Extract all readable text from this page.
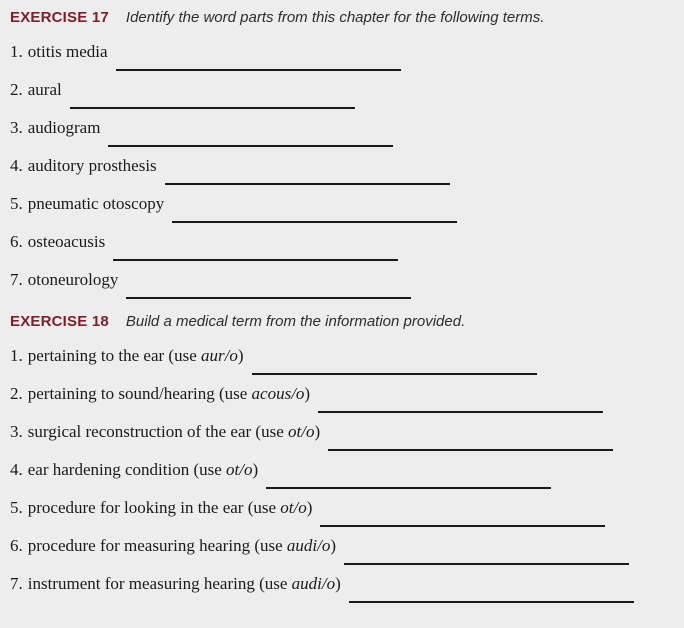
EXERCISE 17 Identify the word parts from this chapter for the following terms.
1. otitis media
2. aural
3. audiogram
4. auditory prosthesis
5. pneumatic otoscopy
6. osteoacusis
7. otoneurology
EXERCISE 18 Build a medical term from the information provided.
1. pertaining to the ear (use aur/o)
2. pertaining to sound/hearing (use acous/o)
3. surgical reconstruction of the ear (use ot/o)
4. ear hardening condition (use ot/o)
5. procedure for looking in the ear (use ot/o)
6. procedure for measuring hearing (use audi/o)
7. instrument for measuring hearing (use audi/o)
